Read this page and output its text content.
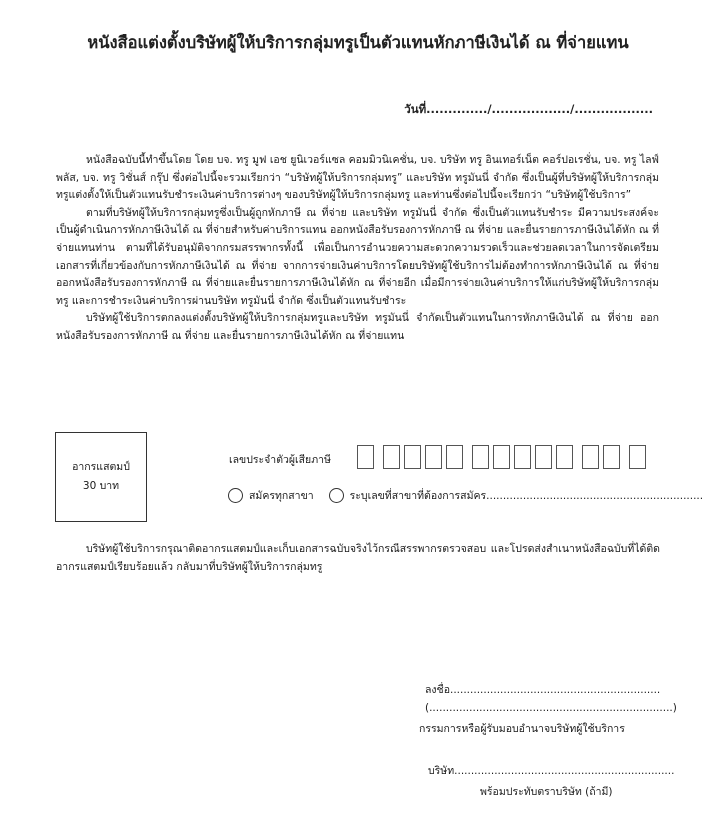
หนังสือแต่งตั้งบริษัทผู้ให้บริการกลุ่มทรูเป็นตัวแทนหักภาษีเงินได้ ณ ที่จ่ายแทน
วันที่............../................../..................

หนังสือฉบับนี้ทำขึ้นโดย โดย บจ. ทรู มูฟ เอช ยูนิเวอร์แซล คอมมิวนิเคชั่น, บจ. บริษัท ทรู อินเทอร์เน็ต คอร์ปอเรชั่น, บจ. ทรู ไลฟ์ พลัส, บจ. ทรู วิชั่นส์ กรุ๊ป ซึ่งต่อไปนี้จะรวมเรียกว่า “บริษัทผู้ให้บริการกลุ่มทรู” และบริษัท ทรูมันนี่ จำกัด ซึ่งเป็นผู้ที่บริษัทผู้ให้บริการกลุ่มทรูแต่งตั้งให้เป็นตัวแทนรับชำระเงินค่าบริการต่างๆ ของบริษัทผู้ให้บริการกลุ่มทรู และท่านซึ่งต่อไปนี้จะเรียกว่า “บริษัทผู้ใช้บริการ”

ตามที่บริษัทผู้ให้บริการกลุ่มทรูซึ่งเป็นผู้ถูกหักภาษี ณ ที่จ่าย และบริษัท ทรูมันนี่ จำกัด ซึ่งเป็นตัวแทนรับชำระ มีความประสงค์จะเป็นผู้ดำเนินการหักภาษีเงินได้ ณ ที่จ่ายสำหรับค่าบริการแทน ออกหนังสือรับรองการหักภาษี ณ ที่จ่าย และยื่นรายการภาษีเงินได้หัก ณ ที่จ่ายแทนท่าน ตามที่ได้รับอนุมัติจากกรมสรรพากรทั้งนี้ เพื่อเป็นการอำนวยความสะดวกความรวดเร็วและช่วยลดเวลาในการจัดเตรียมเอกสารที่เกี่ยวข้องกับการหักภาษีเงินได้ ณ ที่จ่าย จากการจ่ายเงินค่าบริการโดยบริษัทผู้ใช้บริการไม่ต้องทำการหักภาษีเงินได้ ณ ที่จ่าย ออกหนังสือรับรองการหักภาษี ณ ที่จ่ายและยื่นรายการภาษีเงินได้หัก ณ ที่จ่ายอีก เมื่อมีการจ่ายเงินค่าบริการให้แก่บริษัทผู้ให้บริการกลุ่มทรู และการชำระเงินค่าบริการผ่านบริษัท ทรูมันนี่ จำกัด ซึ่งเป็นตัวแทนรับชำระ

บริษัทผู้ใช้บริการตกลงแต่งตั้งบริษัทผู้ให้บริการกลุ่มทรูและบริษัท ทรูมันนี่ จำกัดเป็นตัวแทนในการหักภาษีเงินได้ ณ ที่จ่าย ออกหนังสือรับรองการหักภาษี ณ ที่จ่าย และยื่นรายการภาษีเงินได้หัก ณ ที่จ่ายแทน

อากรแสตมป์
30 บาท
เลขประจำตัวผู้เสียภาษี
สมัครทุกสาขา	ระบุเลขที่สาขาที่ต้องการสมัคร.................................................................

บริษัทผู้ใช้บริการกรุณาติดอากรแสตมป์และเก็บเอกสารฉบับจริงไว้กรณีสรรพากรตรวจสอบ และโปรดส่งสำเนาหนังสือฉบับที่ได้ติดอากรแสตมป์เรียบร้อยแล้ว กลับมาที่บริษัทผู้ให้บริการกลุ่มทรู

ลงชื่อ...............................................................
(.........................................................................)
กรรมการหรือผู้รับมอบอำนาจบริษัทผู้ใช้บริการ
บริษัท..................................................................
พร้อมประทับตราบริษัท (ถ้ามี)
